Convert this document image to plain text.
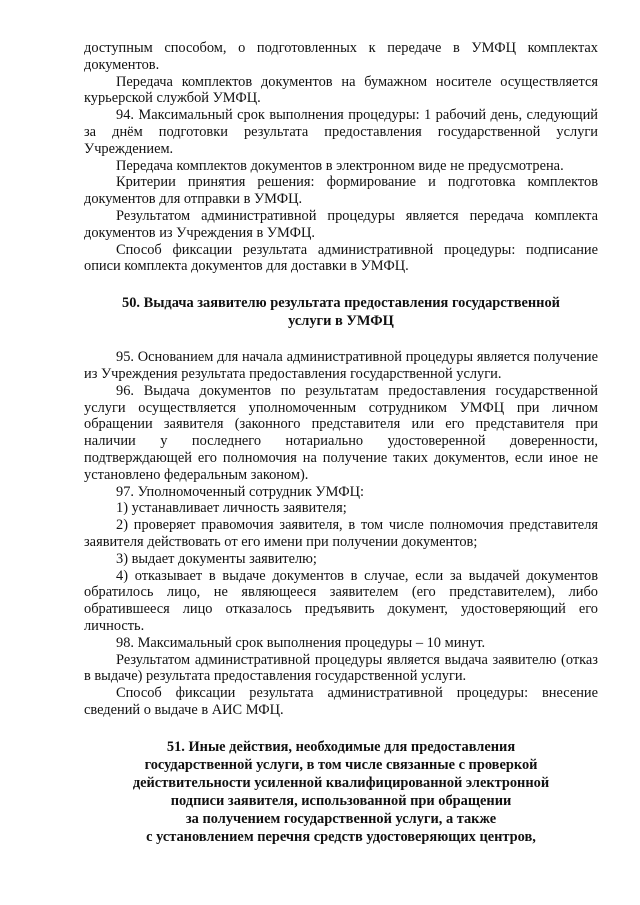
доступным способом, о подготовленных к передаче в УМФЦ комплектах документов.

Передача комплектов документов на бумажном носителе осуществляется курьерской службой УМФЦ.

94. Максимальный срок выполнения процедуры: 1 рабочий день, следующий за днём подготовки результата предоставления государственной услуги Учреждением.

Передача комплектов документов в электронном виде не предусмотрена.

Критерии принятия решения: формирование и подготовка комплектов документов для отправки в УМФЦ.

Результатом административной процедуры является передача комплекта документов из Учреждения в УМФЦ.

Способ фиксации результата административной процедуры: подписание описи комплекта документов для доставки в УМФЦ.

50. Выдача заявителю результата предоставления государственной
услуги в УМФЦ

95. Основанием для начала административной процедуры является получение из Учреждения результата предоставления государственной услуги.

96. Выдача документов по результатам предоставления государственной услуги осуществляется уполномоченным сотрудником УМФЦ при личном обращении заявителя (законного представителя или его представителя при наличии у последнего нотариально удостоверенной доверенности, подтверждающей его полномочия на получение таких документов, если иное не установлено федеральным законом).

97. Уполномоченный сотрудник УМФЦ:

1) устанавливает личность заявителя;

2) проверяет правомочия заявителя, в том числе полномочия представителя заявителя действовать от его имени при получении документов;

3) выдает документы заявителю;

4) отказывает в выдаче документов в случае, если за выдачей документов обратилось лицо, не являющееся заявителем (его представителем), либо обратившееся лицо отказалось предъявить документ, удостоверяющий его личность.

98. Максимальный срок выполнения процедуры – 10 минут.

Результатом административной процедуры является выдача заявителю (отказ в выдаче) результата предоставления государственной услуги.

Способ фиксации результата административной процедуры: внесение сведений о выдаче в АИС МФЦ.

51. Иные действия, необходимые для предоставления
государственной услуги, в том числе связанные с проверкой
действительности усиленной квалифицированной электронной
подписи заявителя, использованной при обращении
за получением государственной услуги, а также
с установлением перечня средств удостоверяющих центров,
